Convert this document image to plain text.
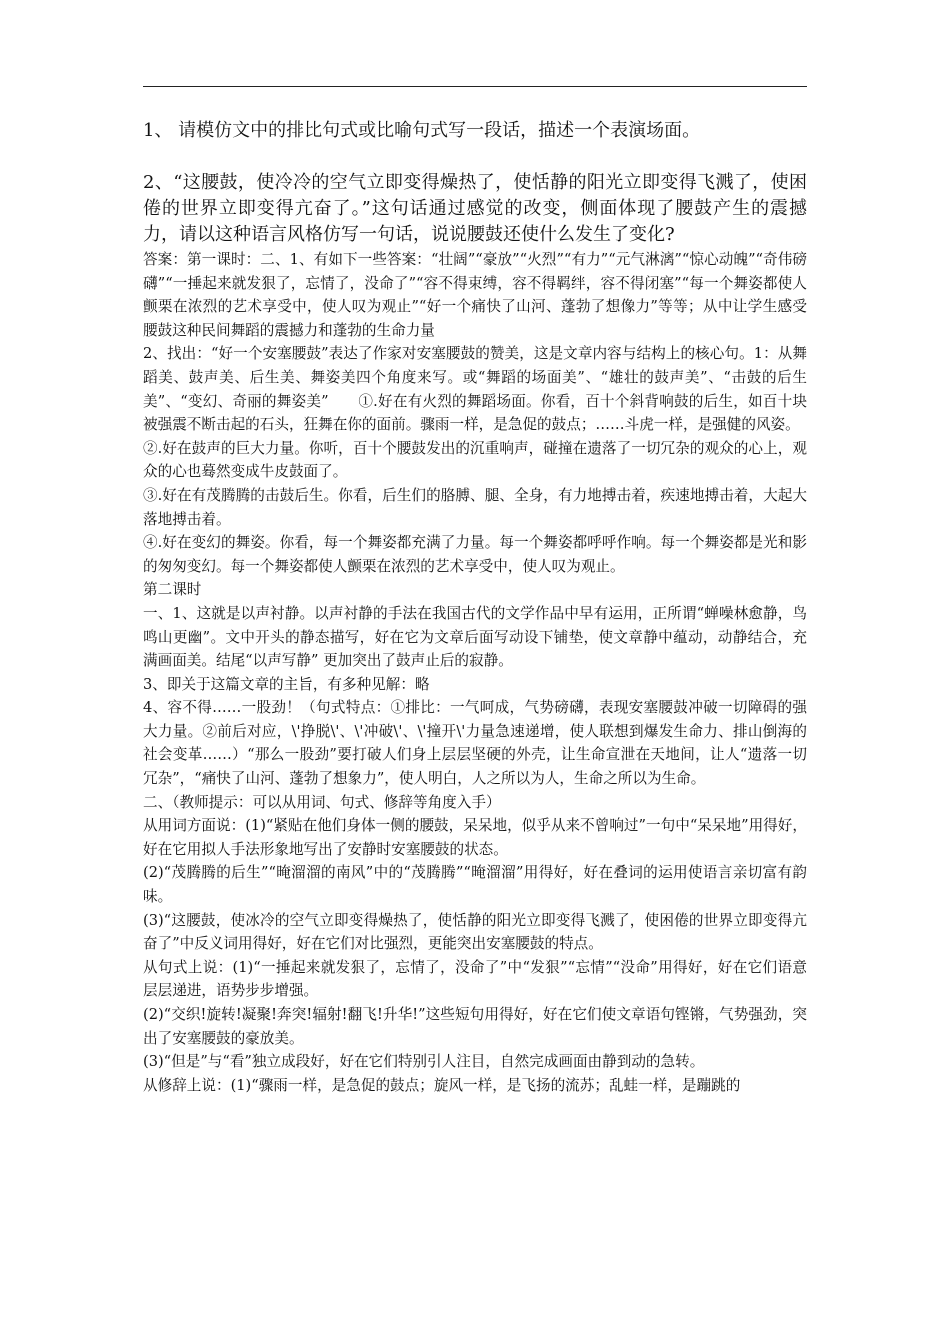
1、 请模仿文中的排比句式或比喻句式写一段话，描述一个表演场面。

2、“这腰鼓，使冷冷的空气立即变得燥热了，使恬静的阳光立即变得飞溅了，使困倦的世界立即变得亢奋了。”这句话通过感觉的改变，侧面体现了腰鼓产生的震撼力，请以这种语言风格仿写一句话，说说腰鼓还使什么发生了变化?

答案：第一课时：二、1、有如下一些答案：“壮阔”“豪放”“火烈”“有力”“元气淋漓”“惊心动魄”“奇伟磅礴”“一捶起来就发狠了，忘情了，没命了”“容不得束缚，容不得羁绊，容不得闭塞”“每一个舞姿都使人颤栗在浓烈的艺术享受中，使人叹为观止”“好一个痛快了山河、蓬勃了想像力”等等；从中让学生感受腰鼓这种民间舞蹈的震撼力和蓬勃的生命力量

2、找出：“好一个安塞腰鼓”表达了作家对安塞腰鼓的赞美，这是文章内容与结构上的核心句。1：从舞蹈美、鼓声美、后生美、舞姿美四个角度来写。或“舞蹈的场面美”、“雄壮的鼓声美”、“击鼓的后生美”、“变幻、奇丽的舞姿美”　　①.好在有火烈的舞蹈场面。你看，百十个斜背响鼓的后生，如百十块被强震不断击起的石头，狂舞在你的面前。骤雨一样，是急促的鼓点；……斗虎一样，是强健的风姿。

②.好在鼓声的巨大力量。你听，百十个腰鼓发出的沉重响声，碰撞在遗落了一切冗杂的观众的心上，观众的心也蓦然变成牛皮鼓面了。

③.好在有茂腾腾的击鼓后生。你看，后生们的胳膊、腿、全身，有力地搏击着，疾速地搏击着，大起大落地搏击着。

④.好在变幻的舞姿。你看，每一个舞姿都充满了力量。每一个舞姿都呼呼作响。每一个舞姿都是光和影的匆匆变幻。每一个舞姿都使人颤栗在浓烈的艺术享受中，使人叹为观止。

第二课时

一、1、这就是以声衬静。以声衬静的手法在我国古代的文学作品中早有运用，正所谓“蝉噪林愈静，鸟鸣山更幽”。文中开头的静态描写，好在它为文章后面写动设下铺垫，使文章静中蕴动，动静结合，充满画面美。结尾“以声写静” 更加突出了鼓声止后的寂静。

3、即关于这篇文章的主旨，有多种见解：略

4、容不得……一股劲！（句式特点：①排比：一气呵成，气势磅礴，表现安塞腰鼓冲破一切障碍的强大力量。②前后对应，\'挣脱\'、\'冲破\'、\'撞开\'力量急速递增，使人联想到爆发生命力、排山倒海的社会变革……）“那么一股劲”要打破人们身上层层坚硬的外壳，让生命宣泄在天地间，让人“遗落一切冗杂”，“痛快了山河、蓬勃了想象力”，使人明白，人之所以为人，生命之所以为生命。

二、（教师提示：可以从用词、句式、修辞等角度入手）

从用词方面说：(1)“紧贴在他们身体一侧的腰鼓，呆呆地，似乎从来不曾响过”一句中“呆呆地”用得好，好在它用拟人手法形象地写出了安静时安塞腰鼓的状态。

(2)“茂腾腾的后生”“晻溜溜的南风”中的“茂腾腾”“晻溜溜”用得好，好在叠词的运用使语言亲切富有韵味。

(3)“这腰鼓，使冰冷的空气立即变得燥热了，使恬静的阳光立即变得飞溅了，使困倦的世界立即变得亢奋了”中反义词用得好，好在它们对比强烈，更能突出安塞腰鼓的特点。

从句式上说：(1)“一捶起来就发狠了，忘情了，没命了”中“发狠”“忘情”“没命”用得好，好在它们语意层层递进，语势步步增强。

(2)“交织!旋转!凝聚!奔突!辐射!翻飞!升华!”这些短句用得好，好在它们使文章语句铿锵，气势强劲，突出了安塞腰鼓的豪放美。

(3)“但是”与“看”独立成段好，好在它们特别引人注目，自然完成画面由静到动的急转。

从修辞上说：(1)“骤雨一样，是急促的鼓点；旋风一样，是飞扬的流苏；乱蛙一样，是蹦跳的
